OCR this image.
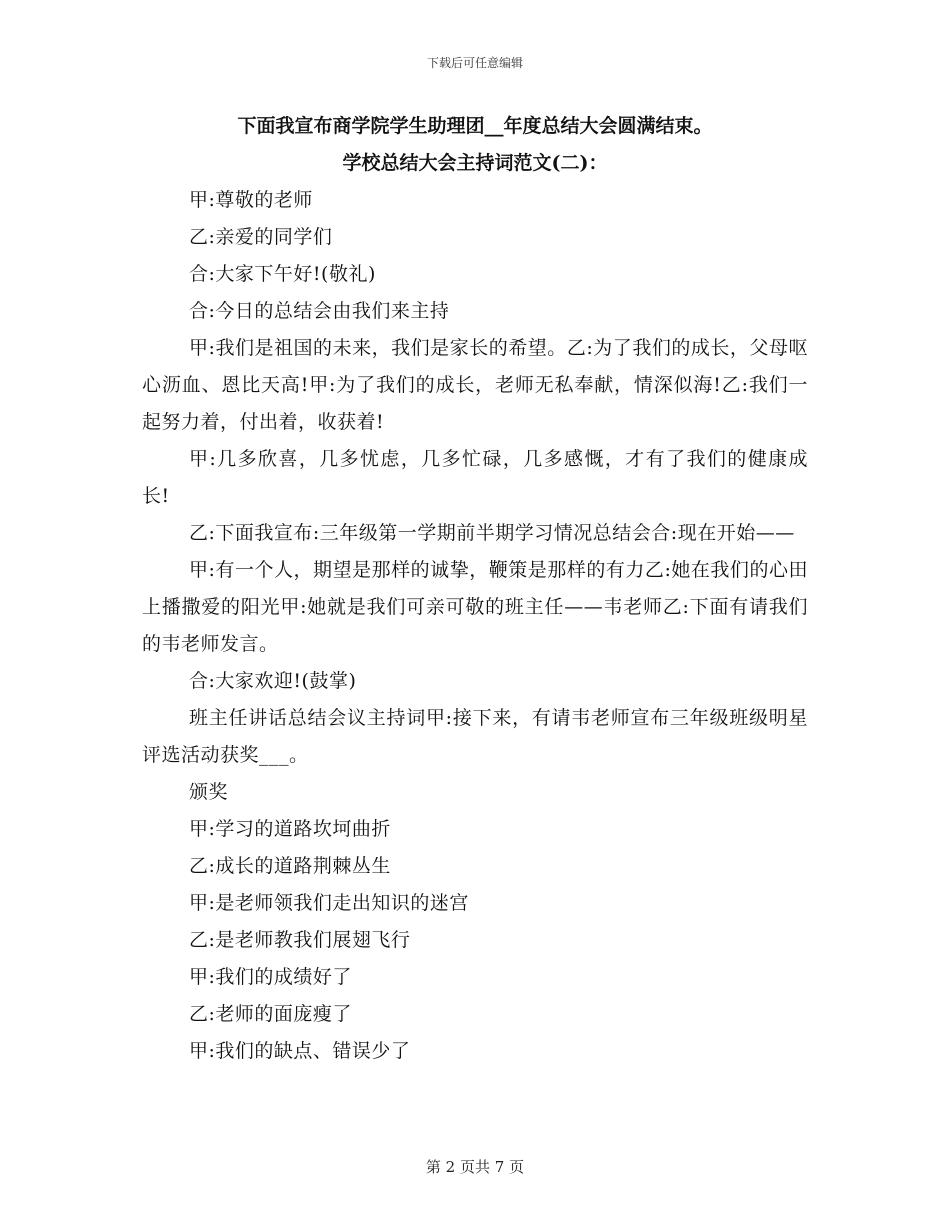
下载后可任意编辑

下面我宣布商学院学生助理团__年度总结大会圆满结束。

学校总结大会主持词范文(二)：

甲:尊敬的老师

乙:亲爱的同学们

合:大家下午好!(敬礼)

合:今日的总结会由我们来主持

甲:我们是祖国的未来，我们是家长的希望。乙:为了我们的成长，父母呕心沥血、恩比天高!甲:为了我们的成长，老师无私奉献，情深似海!乙:我们一起努力着，付出着，收获着!

甲:几多欣喜，几多忧虑，几多忙碌，几多感慨，才有了我们的健康成长!

乙:下面我宣布:三年级第一学期前半期学习情况总结会合:现在开始——

甲:有一个人，期望是那样的诚挚，鞭策是那样的有力乙:她在我们的心田上播撒爱的阳光甲:她就是我们可亲可敬的班主任——韦老师乙:下面有请我们的韦老师发言。

合:大家欢迎!(鼓掌)

班主任讲话总结会议主持词甲:接下来，有请韦老师宣布三年级班级明星评选活动获奖___。

颁奖

甲:学习的道路坎坷曲折

乙:成长的道路荆棘丛生

甲:是老师领我们走出知识的迷宫

乙:是老师教我们展翅飞行

甲:我们的成绩好了

乙:老师的面庞瘦了

甲:我们的缺点、错误少了

第 2 页共 7 页
